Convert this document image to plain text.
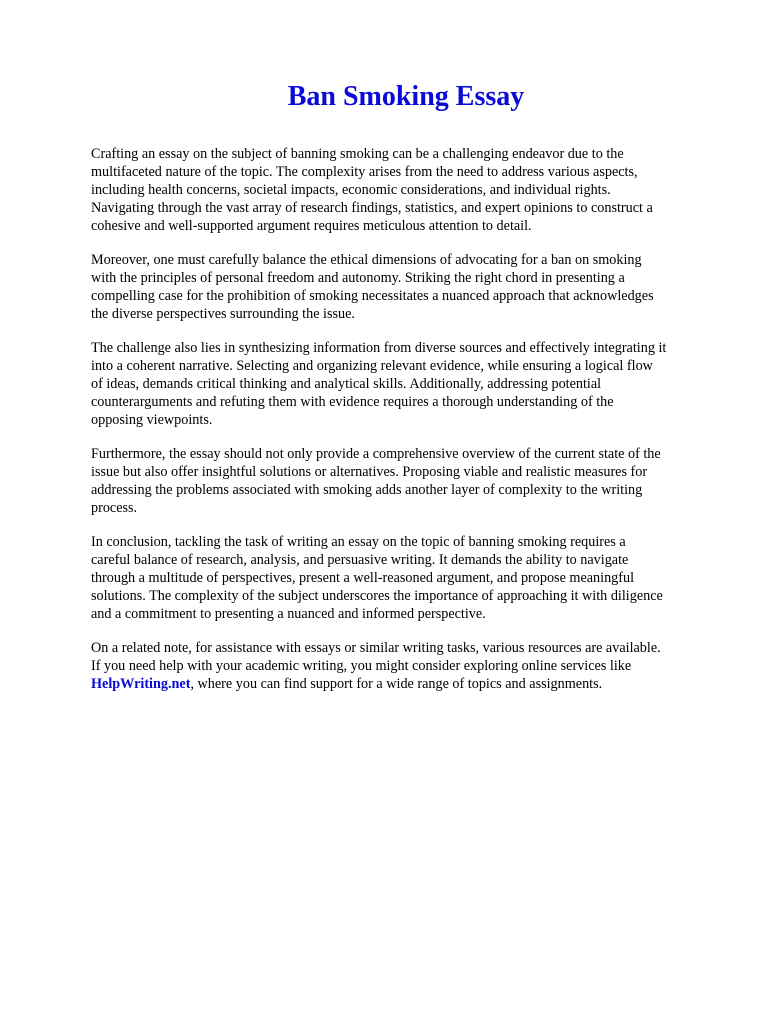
Ban Smoking Essay

Crafting an essay on the subject of banning smoking can be a challenging endeavor due to the
multifaceted nature of the topic. The complexity arises from the need to address various aspects,
including health concerns, societal impacts, economic considerations, and individual rights.
Navigating through the vast array of research findings, statistics, and expert opinions to construct a
cohesive and well-supported argument requires meticulous attention to detail.

Moreover, one must carefully balance the ethical dimensions of advocating for a ban on smoking
with the principles of personal freedom and autonomy. Striking the right chord in presenting a
compelling case for the prohibition of smoking necessitates a nuanced approach that acknowledges
the diverse perspectives surrounding the issue.

The challenge also lies in synthesizing information from diverse sources and effectively integrating it
into a coherent narrative. Selecting and organizing relevant evidence, while ensuring a logical flow
of ideas, demands critical thinking and analytical skills. Additionally, addressing potential
counterarguments and refuting them with evidence requires a thorough understanding of the
opposing viewpoints.

Furthermore, the essay should not only provide a comprehensive overview of the current state of the
issue but also offer insightful solutions or alternatives. Proposing viable and realistic measures for
addressing the problems associated with smoking adds another layer of complexity to the writing
process.

In conclusion, tackling the task of writing an essay on the topic of banning smoking requires a
careful balance of research, analysis, and persuasive writing. It demands the ability to navigate
through a multitude of perspectives, present a well-reasoned argument, and propose meaningful
solutions. The complexity of the subject underscores the importance of approaching it with diligence
and a commitment to presenting a nuanced and informed perspective.

On a related note, for assistance with essays or similar writing tasks, various resources are available.
If you need help with your academic writing, you might consider exploring online services like
HelpWriting.net, where you can find support for a wide range of topics and assignments.
